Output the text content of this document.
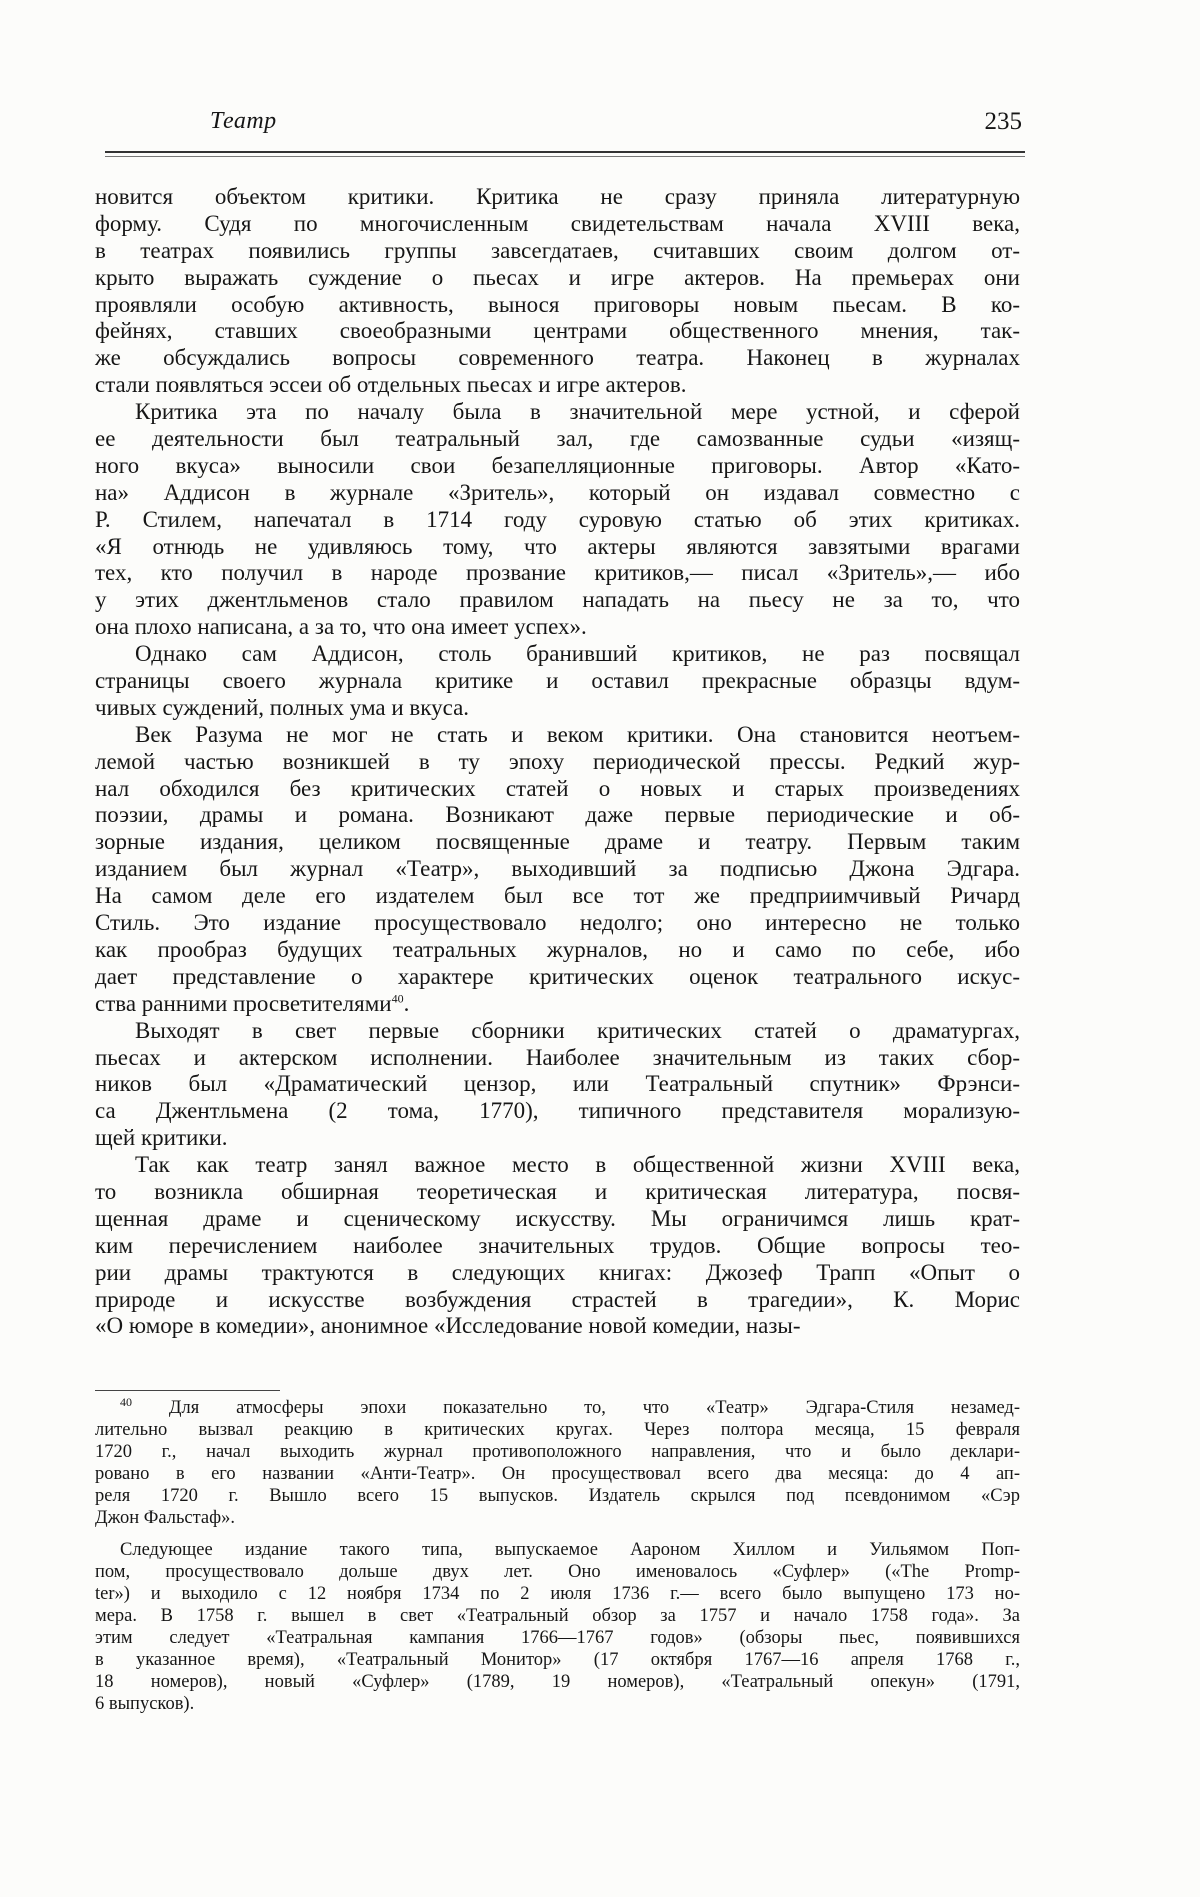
Театр	235
новится объектом критики. Критика не сразу приняла литературную
форму. Судя по многочисленным свидетельствам начала XVIII века,
в театрах появились группы завсегдатаев, считавших своим долгом от-
крыто выражать суждение о пьесах и игре актеров. На премьерах они
проявляли особую активность, вынося приговоры новым пьесам. В ко-
фейнях, ставших своеобразными центрами общественного мнения, так-
же обсуждались вопросы современного театра. Наконец в журналах
стали появляться эссеи об отдельных пьесах и игре актеров.
Критика эта по началу была в значительной мере устной, и сферой
ее деятельности был театральный зал, где самозванные судьи «изящ-
ного вкуса» выносили свои безапелляционные приговоры. Автор «Като-
на» Аддисон в журнале «Зритель», который он издавал совместно с
Р. Стилем, напечатал в 1714 году суровую статью об этих критиках.
«Я отнюдь не удивляюсь тому, что актеры являются завзятыми врагами
тех, кто получил в народе прозвание критиков,— писал «Зритель»,— ибо
у этих джентльменов стало правилом нападать на пьесу не за то, что
она плохо написана, а за то, что она имеет успех».
Однако сам Аддисон, столь бранивший критиков, не раз посвящал
страницы своего журнала критике и оставил прекрасные образцы вдум-
чивых суждений, полных ума и вкуса.
Век Разума не мог не стать и веком критики. Она становится неотъем-
лемой частью возникшей в ту эпоху периодической прессы. Редкий жур-
нал обходился без критических статей о новых и старых произведениях
поэзии, драмы и романа. Возникают даже первые периодические и об-
зорные издания, целиком посвященные драме и театру. Первым таким
изданием был журнал «Театр», выходивший за подписью Джона Эдгара.
На самом деле его издателем был все тот же предприимчивый Ричард
Стиль. Это издание просуществовало недолго; оно интересно не только
как прообраз будущих театральных журналов, но и само по себе, ибо
дает представление о характере критических оценок театрального искус-
ства ранними просветителями$^{40}$.
Выходят в свет первые сборники критических статей о драматургах,
пьесах и актерском исполнении. Наиболее значительным из таких сбор-
ников был «Драматический цензор, или Театральный спутник» Фрэнси-
са Джентльмена (2 тома, 1770), типичного представителя морализую-
щей критики.
Так как театр занял важное место в общественной жизни XVIII века,
то возникла обширная теоретическая и критическая литература, посвя-
щенная драме и сценическому искусству. Мы ограничимся лишь крат-
ким перечислением наиболее значительных трудов. Общие вопросы тео-
рии драмы трактуются в следующих книгах: Джозеф Трапп «Опыт о
природе и искусстве возбуждения страстей в трагедии», К. Морис
«О юморе в комедии», анонимное «Исследование новой комедии, назы-
$^{40}$ Для атмосферы эпохи показательно то, что «Театр» Эдгара-Стиля незамед-
лительно вызвал реакцию в критических кругах. Через полтора месяца, 15 февраля
1720 г., начал выходить журнал противоположного направления, что и было деклари-
ровано в его названии «Анти-Театр». Он просуществовал всего два месяца: до 4 ап-
реля 1720 г. Вышло всего 15 выпусков. Издатель скрылся под псевдонимом «Сэр
Джон Фальстаф».
Следующее издание такого типа, выпускаемое Аароном Хиллом и Уильямом Поп-
пом, просуществовало дольше двух лет. Оно именовалось «Суфлер» («The Promp-
ter») и выходило с 12 ноября 1734 по 2 июля 1736 г.— всего было выпущено 173 но-
мера. В 1758 г. вышел в свет «Театральный обзор за 1757 и начало 1758 года». За
этим следует «Театральная кампания 1766—1767 годов» (обзоры пьес, появившихся
в указанное время), «Театральный Монитор» (17 октября 1767—16 апреля 1768 г.,
18 номеров), новый «Суфлер» (1789, 19 номеров), «Театральный опекун» (1791,
6 выпусков).
